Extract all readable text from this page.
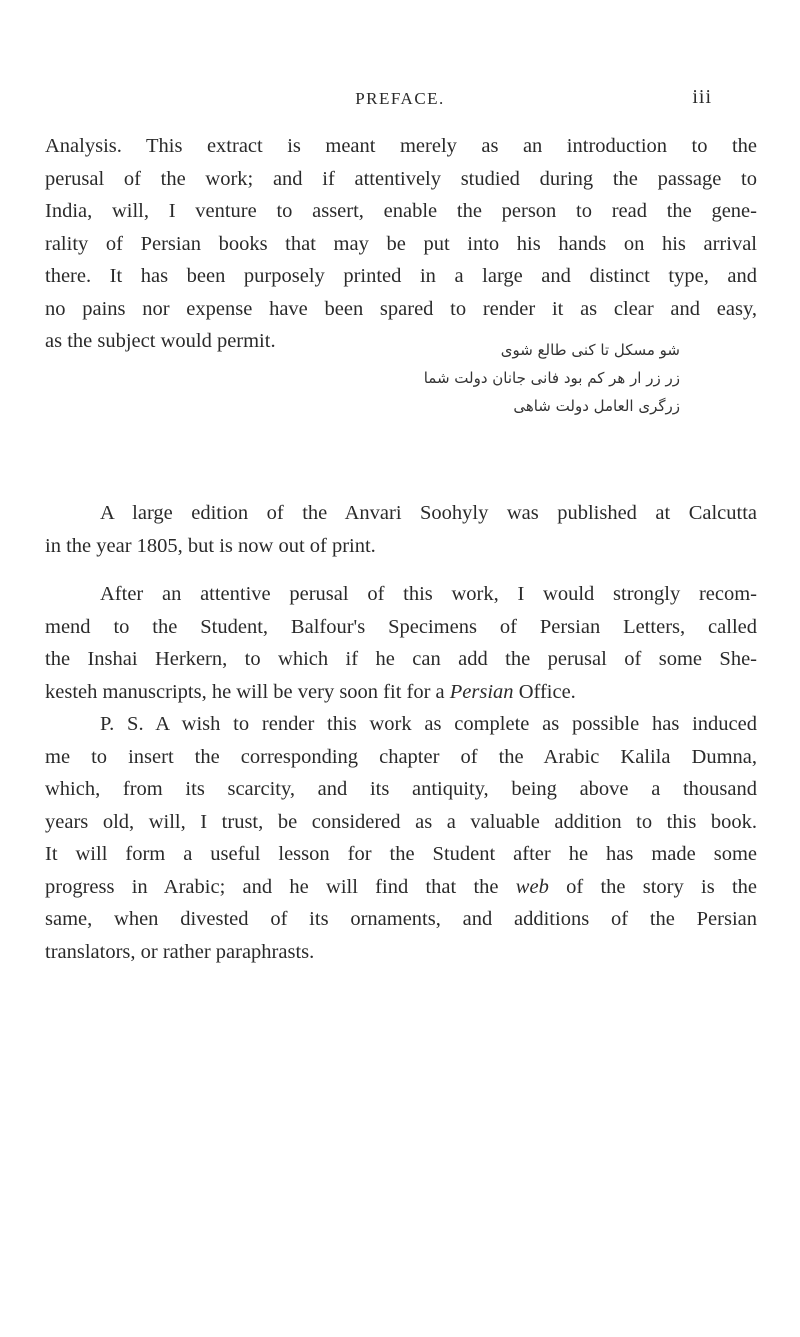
PREFACE.	iii

Analysis. This extract is meant merely as an introduction to the
perusal of the work; and if attentively studied during the passage to
India, will, I venture to assert, enable the person to read the gene-
rality of Persian books that may be put into his hands on his arrival
there. It has been purposely printed in a large and distinct type, and
no pains nor expense have been spared to render it as clear and easy,
as the subject would permit.	شو مسکل تا کنی طالع شوی
زر زر ار هر کم بود فانی جانان دولت شما
زرگری العامل دولت شاهی

A large edition of the Anvari Soohyly was published at Calcutta
in the year 1805, but is now out of print.

After an attentive perusal of this work, I would strongly recom-
mend to the Student, Balfour's Specimens of Persian Letters, called
the Inshai Herkern, to which if he can add the perusal of some She-
kesteh manuscripts, he will be very soon fit for a Persian Office.

P. S. A wish to render this work as complete as possible has induced
me to insert the corresponding chapter of the Arabic Kalila Dumna,
which, from its scarcity, and its antiquity, being above a thousand
years old, will, I trust, be considered as a valuable addition to this book.
It will form a useful lesson for the Student after he has made some
progress in Arabic; and he will find that the web of the story is the
same, when divested of its ornaments, and additions of the Persian
translators, or rather paraphrasts.
